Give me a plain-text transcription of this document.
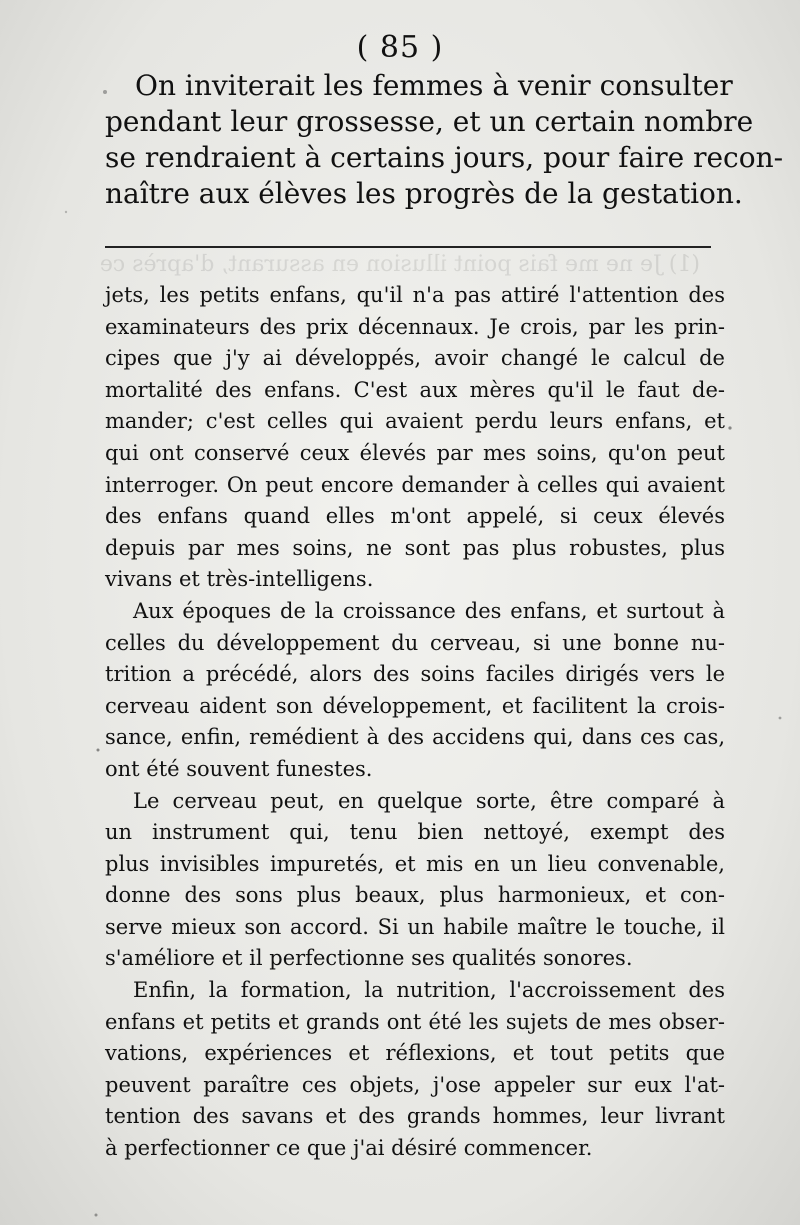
( 85 )
On inviterait les femmes à venir consulter
pendant leur grossesse, et un certain nombre
se rendraient à certains jours, pour faire recon-
naître aux élèves les progrès de la gestation.
(1) Je ne me fais point illusion en assurant, d'après ce
jets, les petits enfans, qu'il n'a pas attiré l'attention des
examinateurs des prix décennaux. Je crois, par les prin-
cipes que j'y ai développés, avoir changé le calcul de
mortalité des enfans. C'est aux mères qu'il le faut de-
mander; c'est celles qui avaient perdu leurs enfans, et
qui ont conservé ceux élevés par mes soins, qu'on peut
interroger. On peut encore demander à celles qui avaient
des enfans quand elles m'ont appelé, si ceux élevés
depuis par mes soins, ne sont pas plus robustes, plus
vivans et très-intelligens.
Aux époques de la croissance des enfans, et surtout à
celles du développement du cerveau, si une bonne nu-
trition a précédé, alors des soins faciles dirigés vers le
cerveau aident son développement, et facilitent la crois-
sance, enfin, remédient à des accidens qui, dans ces cas,
ont été souvent funestes.
Le cerveau peut, en quelque sorte, être comparé à
un instrument qui, tenu bien nettoyé, exempt des
plus invisibles impuretés, et mis en un lieu convenable,
donne des sons plus beaux, plus harmonieux, et con-
serve mieux son accord. Si un habile maître le touche, il
s'améliore et il perfectionne ses qualités sonores.
Enfin, la formation, la nutrition, l'accroissement des
enfans et petits et grands ont été les sujets de mes obser-
vations, expériences et réflexions, et tout petits que
peuvent paraître ces objets, j'ose appeler sur eux l'at-
tention des savans et des grands hommes, leur livrant
à perfectionner ce que j'ai désiré commencer.
